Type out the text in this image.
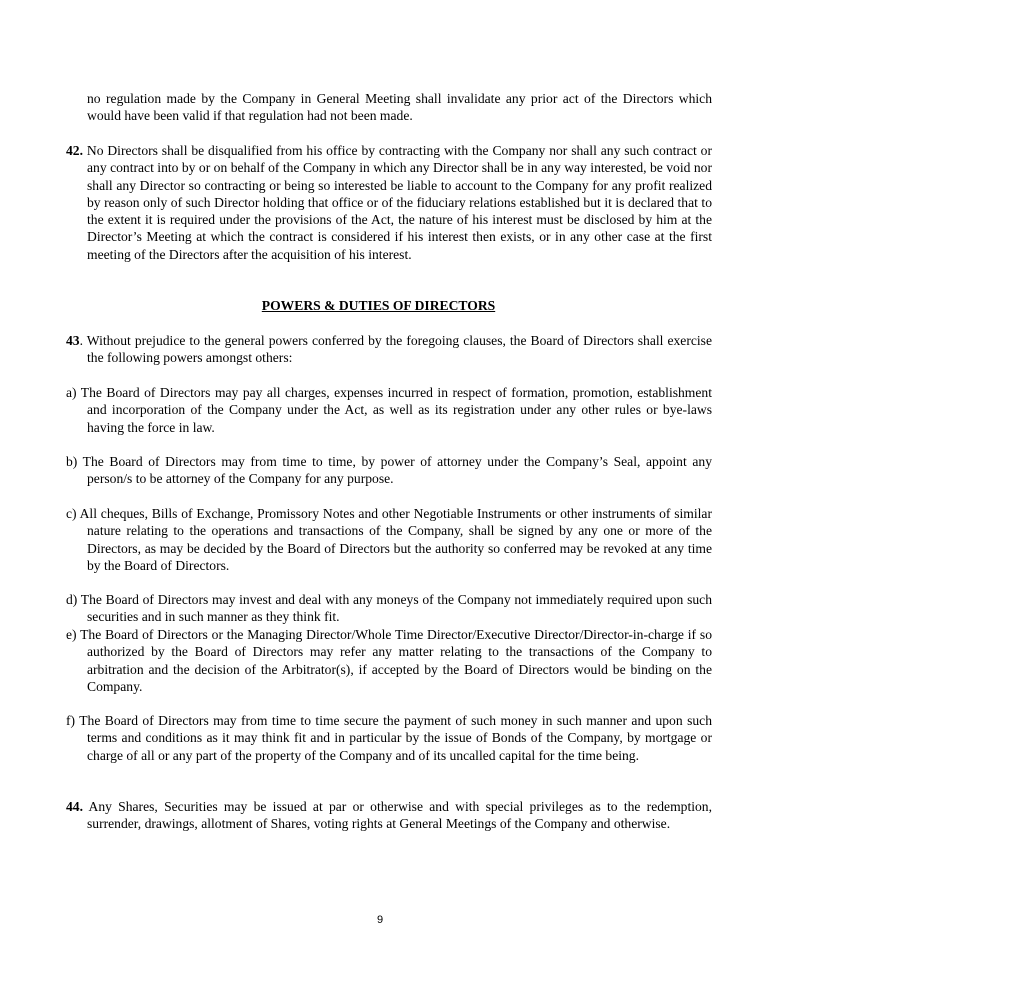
no regulation made by the Company in General Meeting shall invalidate any prior act of the Directors which would have been valid if that regulation had not been made.

42. No Directors shall be disqualified from his office by contracting with the Company nor shall any such contract or any contract into by or on behalf of the Company in which any Director shall be in any way interested, be void nor shall any Director so contracting or being so interested be liable to account to the Company for any profit realized by reason only of such Director holding that office or of the fiduciary relations established but it is declared that to the extent it is required under the provisions of the Act, the nature of his interest must be disclosed by him at the Director’s Meeting at which the contract is considered if his interest then exists, or in any other case at the first meeting of the Directors after the acquisition of his interest.

POWERS & DUTIES OF DIRECTORS

43. Without prejudice to the general powers conferred by the foregoing clauses, the Board of Directors shall exercise the following powers amongst others:

a) The Board of Directors may pay all charges, expenses incurred in respect of formation, promotion, establishment and incorporation of the Company under the Act, as well as its registration under any other rules or bye-laws having the force in law.

b) The Board of Directors may from time to time, by power of attorney under the Company’s Seal, appoint any person/s to be attorney of the Company for any purpose.

c) All cheques, Bills of Exchange, Promissory Notes and other Negotiable Instruments or other instruments of similar nature relating to the operations and transactions of the Company, shall be signed by any one or more of the Directors, as may be decided by the Board of Directors but the authority so conferred may be revoked at any time by the Board of Directors.

d) The Board of Directors may invest and deal with any moneys of the Company not immediately required upon such securities and in such manner as they think fit.

e) The Board of Directors or the Managing Director/Whole Time Director/Executive Director/Director-in-charge if so authorized by the Board of Directors may refer any matter relating to the transactions of the Company to arbitration and the decision of the Arbitrator(s), if accepted by the Board of Directors would be binding on the Company.

f) The Board of Directors may from time to time secure the payment of such money in such manner and upon such terms and conditions as it may think fit and in particular by the issue of Bonds of the Company, by mortgage or charge of all or any part of the property of the Company and of its uncalled capital for the time being.

44. Any Shares, Securities may be issued at par or otherwise and with special privileges as to the redemption, surrender, drawings, allotment of Shares, voting rights at General Meetings of the Company and otherwise.

9
